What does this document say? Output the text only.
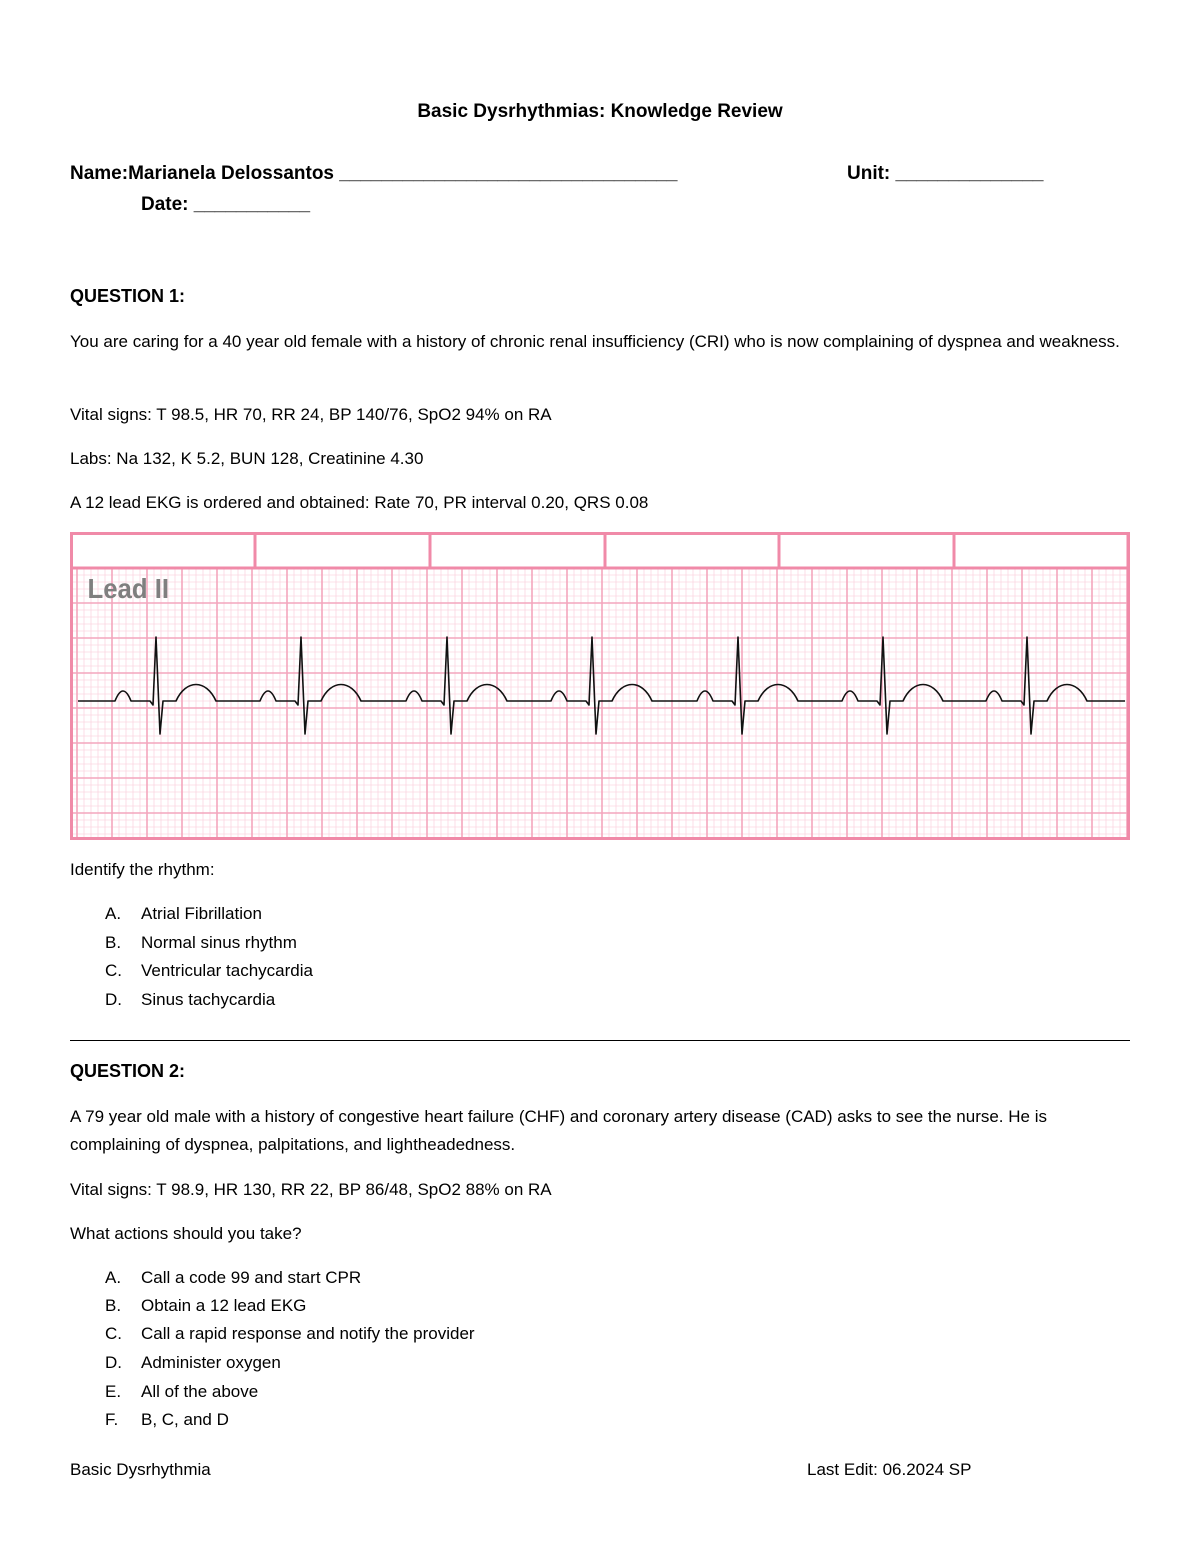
Basic Dysrhythmias: Knowledge Review
Name:Marianela Delossantos ________________________________	Unit: ______________
Date: ___________
QUESTION 1:
You are caring for a 40 year old female with a history of chronic renal insufficiency (CRI) who is now complaining of dyspnea and weakness.
Vital signs: T 98.5, HR 70, RR 24, BP 140/76, SpO2 94% on RA
Labs: Na 132, K 5.2, BUN 128, Creatinine 4.30
A 12 lead EKG is ordered and obtained: Rate 70, PR interval 0.20, QRS 0.08
Lead II
Identify the rhythm:
A. Atrial Fibrillation
B. Normal sinus rhythm
C. Ventricular tachycardia
D. Sinus tachycardia
QUESTION 2:
A 79 year old male with a history of congestive heart failure (CHF) and coronary artery disease (CAD) asks to see the nurse. He is complaining of dyspnea, palpitations, and lightheadedness.
Vital signs: T 98.9, HR 130, RR 22, BP 86/48, SpO2 88% on RA
What actions should you take?
A. Call a code 99 and start CPR
B. Obtain a 12 lead EKG
C. Call a rapid response and notify the provider
D. Administer oxygen
E. All of the above
F. B, C, and D
Basic Dysrhythmia	Last Edit: 06.2024 SP
